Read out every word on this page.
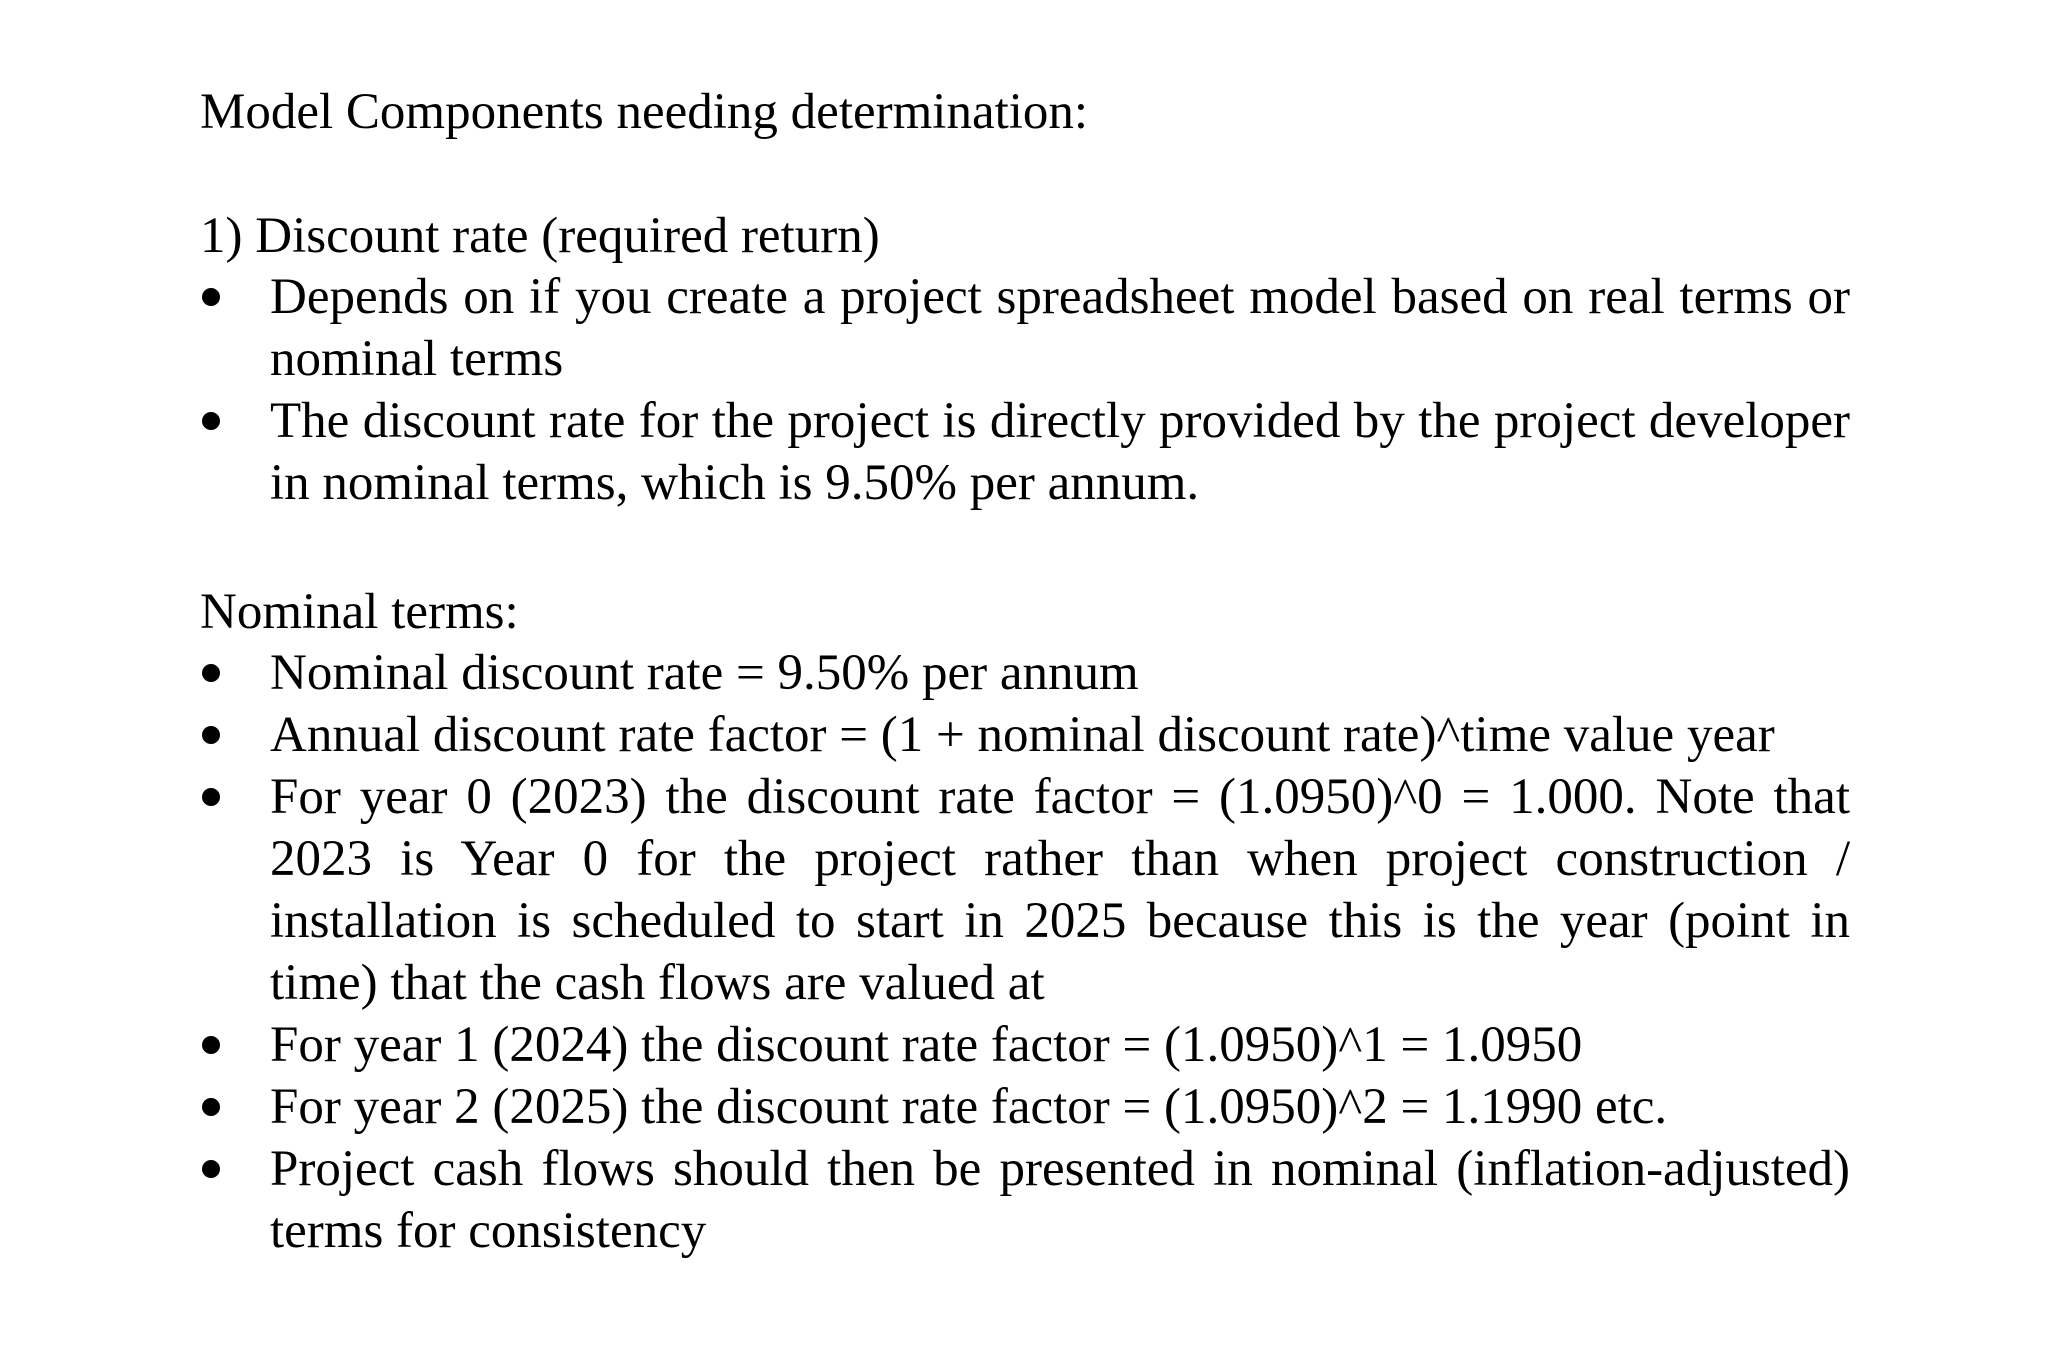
Model Components needing determination:

1) Discount rate (required return)

Depends on if you create a project spreadsheet model based on real terms or nominal terms
The discount rate for the project is directly provided by the project developer in nominal terms, which is 9.50% per annum.

Nominal terms:

Nominal discount rate = 9.50% per annum
Annual discount rate factor = (1 + nominal discount rate)^time value year
For year 0 (2023) the discount rate factor = (1.0950)^0 = 1.000. Note that 2023 is Year 0 for the project rather than when project construction / installation is scheduled to start in 2025 because this is the year (point in time) that the cash flows are valued at
For year 1 (2024) the discount rate factor = (1.0950)^1 = 1.0950
For year 2 (2025) the discount rate factor = (1.0950)^2 = 1.1990 etc.
Project cash flows should then be presented in nominal (inflation-adjusted) terms for consistency
